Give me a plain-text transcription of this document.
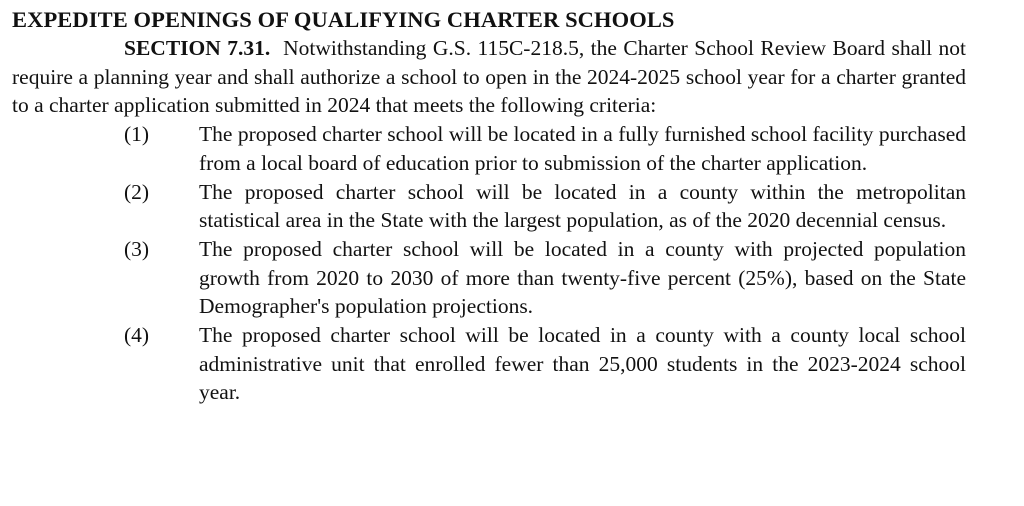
EXPEDITE OPENINGS OF QUALIFYING CHARTER SCHOOLS

SECTION 7.31. Notwithstanding G.S. 115C-218.5, the Charter School Review Board shall not require a planning year and shall authorize a school to open in the 2024-2025 school year for a charter granted to a charter application submitted in 2024 that meets the following criteria:

(1) The proposed charter school will be located in a fully furnished school facility purchased from a local board of education prior to submission of the charter application.
(2) The proposed charter school will be located in a county within the metropolitan statistical area in the State with the largest population, as of the 2020 decennial census.
(3) The proposed charter school will be located in a county with projected population growth from 2020 to 2030 of more than twenty-five percent (25%), based on the State Demographer's population projections.
(4) The proposed charter school will be located in a county with a county local school administrative unit that enrolled fewer than 25,000 students in the 2023-2024 school year.
